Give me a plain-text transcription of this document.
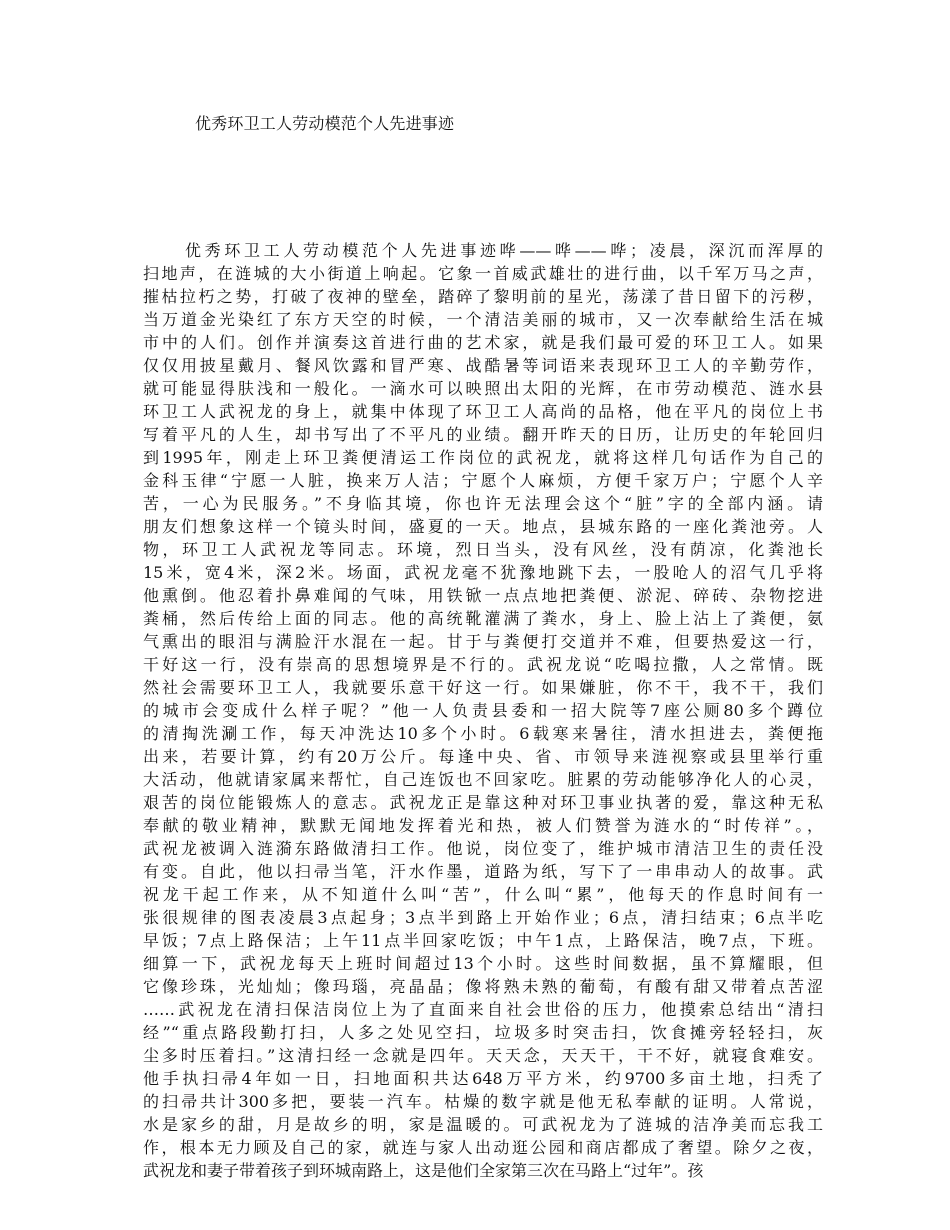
优秀环卫工人劳动模范个人先进事迹
优秀环卫工人劳动模范个人先进事迹哗——哗——哗；凌晨，深沉而浑厚的
扫地声，在涟城的大小街道上响起。它象一首威武雄壮的进行曲，以千军万马之声，
摧枯拉朽之势，打破了夜神的壁垒，踏碎了黎明前的星光，荡漾了昔日留下的污秽，
当万道金光染红了东方天空的时候，一个清洁美丽的城市，又一次奉献给生活在城
市中的人们。创作并演奏这首进行曲的艺术家，就是我们最可爱的环卫工人。如果
仅仅用披星戴月、餐风饮露和冒严寒、战酷暑等词语来表现环卫工人的辛勤劳作，
就可能显得肤浅和一般化。一滴水可以映照出太阳的光辉，在市劳动模范、涟水县
环卫工人武祝龙的身上，就集中体现了环卫工人高尚的品格，他在平凡的岗位上书
写着平凡的人生，却书写出了不平凡的业绩。翻开昨天的日历，让历史的年轮回归
到1995年，刚走上环卫粪便清运工作岗位的武祝龙，就将这样几句话作为自己的
金科玉律“宁愿一人脏，换来万人洁；宁愿个人麻烦，方便千家万户；宁愿个人辛
苦，一心为民服务。”不身临其境，你也许无法理会这个“脏”字的全部内涵。请
朋友们想象这样一个镜头时间，盛夏的一天。地点，县城东路的一座化粪池旁。人
物，环卫工人武祝龙等同志。环境，烈日当头，没有风丝，没有荫凉，化粪池长
15米，宽4米，深2米。场面，武祝龙毫不犹豫地跳下去，一股呛人的沼气几乎将
他熏倒。他忍着扑鼻难闻的气味，用铁锨一点点地把粪便、淤泥、碎砖、杂物挖进
粪桶，然后传给上面的同志。他的高统靴灌满了粪水，身上、脸上沾上了粪便，氨
气熏出的眼泪与满脸汗水混在一起。甘于与粪便打交道并不难，但要热爱这一行，
干好这一行，没有崇高的思想境界是不行的。武祝龙说“吃喝拉撒，人之常情。既
然社会需要环卫工人，我就要乐意干好这一行。如果嫌脏，你不干，我不干，我们
的城市会变成什么样子呢？”他一人负责县委和一招大院等7座公厕80多个蹲位
的清掏洗涮工作，每天冲洗达10多个小时。6载寒来暑往，清水担进去，粪便拖
出来，若要计算，约有20万公斤。每逢中央、省、市领导来涟视察或县里举行重
大活动，他就请家属来帮忙，自己连饭也不回家吃。脏累的劳动能够净化人的心灵，
艰苦的岗位能锻炼人的意志。武祝龙正是靠这种对环卫事业执著的爱，靠这种无私
奉献的敬业精神，默默无闻地发挥着光和热，被人们赞誉为涟水的“时传祥”。，
武祝龙被调入涟漪东路做清扫工作。他说，岗位变了，维护城市清洁卫生的责任没
有变。自此，他以扫帚当笔，汗水作墨，道路为纸，写下了一串串动人的故事。武
祝龙干起工作来，从不知道什么叫“苦”，什么叫“累”，他每天的作息时间有一
张很规律的图表凌晨3点起身；3点半到路上开始作业；6点，清扫结束；6点半吃
早饭；7点上路保洁；上午11点半回家吃饭；中午1点，上路保洁，晚7点，下班。
细算一下，武祝龙每天上班时间超过13个小时。这些时间数据，虽不算耀眼，但
它像珍珠，光灿灿；像玛瑙，亮晶晶；像将熟未熟的葡萄，有酸有甜又带着点苦涩
……武祝龙在清扫保洁岗位上为了直面来自社会世俗的压力，他摸索总结出“清扫
经”“重点路段勤打扫，人多之处见空扫，垃圾多时突击扫，饮食摊旁轻轻扫，灰
尘多时压着扫。”这清扫经一念就是四年。天天念，天天干，干不好，就寝食难安。
他手执扫帚4年如一日，扫地面积共达648万平方米，约9700多亩土地，扫秃了
的扫帚共计300多把，要装一汽车。枯燥的数字就是他无私奉献的证明。人常说，
水是家乡的甜，月是故乡的明，家是温暖的。可武祝龙为了涟城的洁净美而忘我工
作，根本无力顾及自己的家，就连与家人出动逛公园和商店都成了奢望。除夕之夜，
武祝龙和妻子带着孩子到环城南路上，这是他们全家第三次在马路上“过年”。孩
